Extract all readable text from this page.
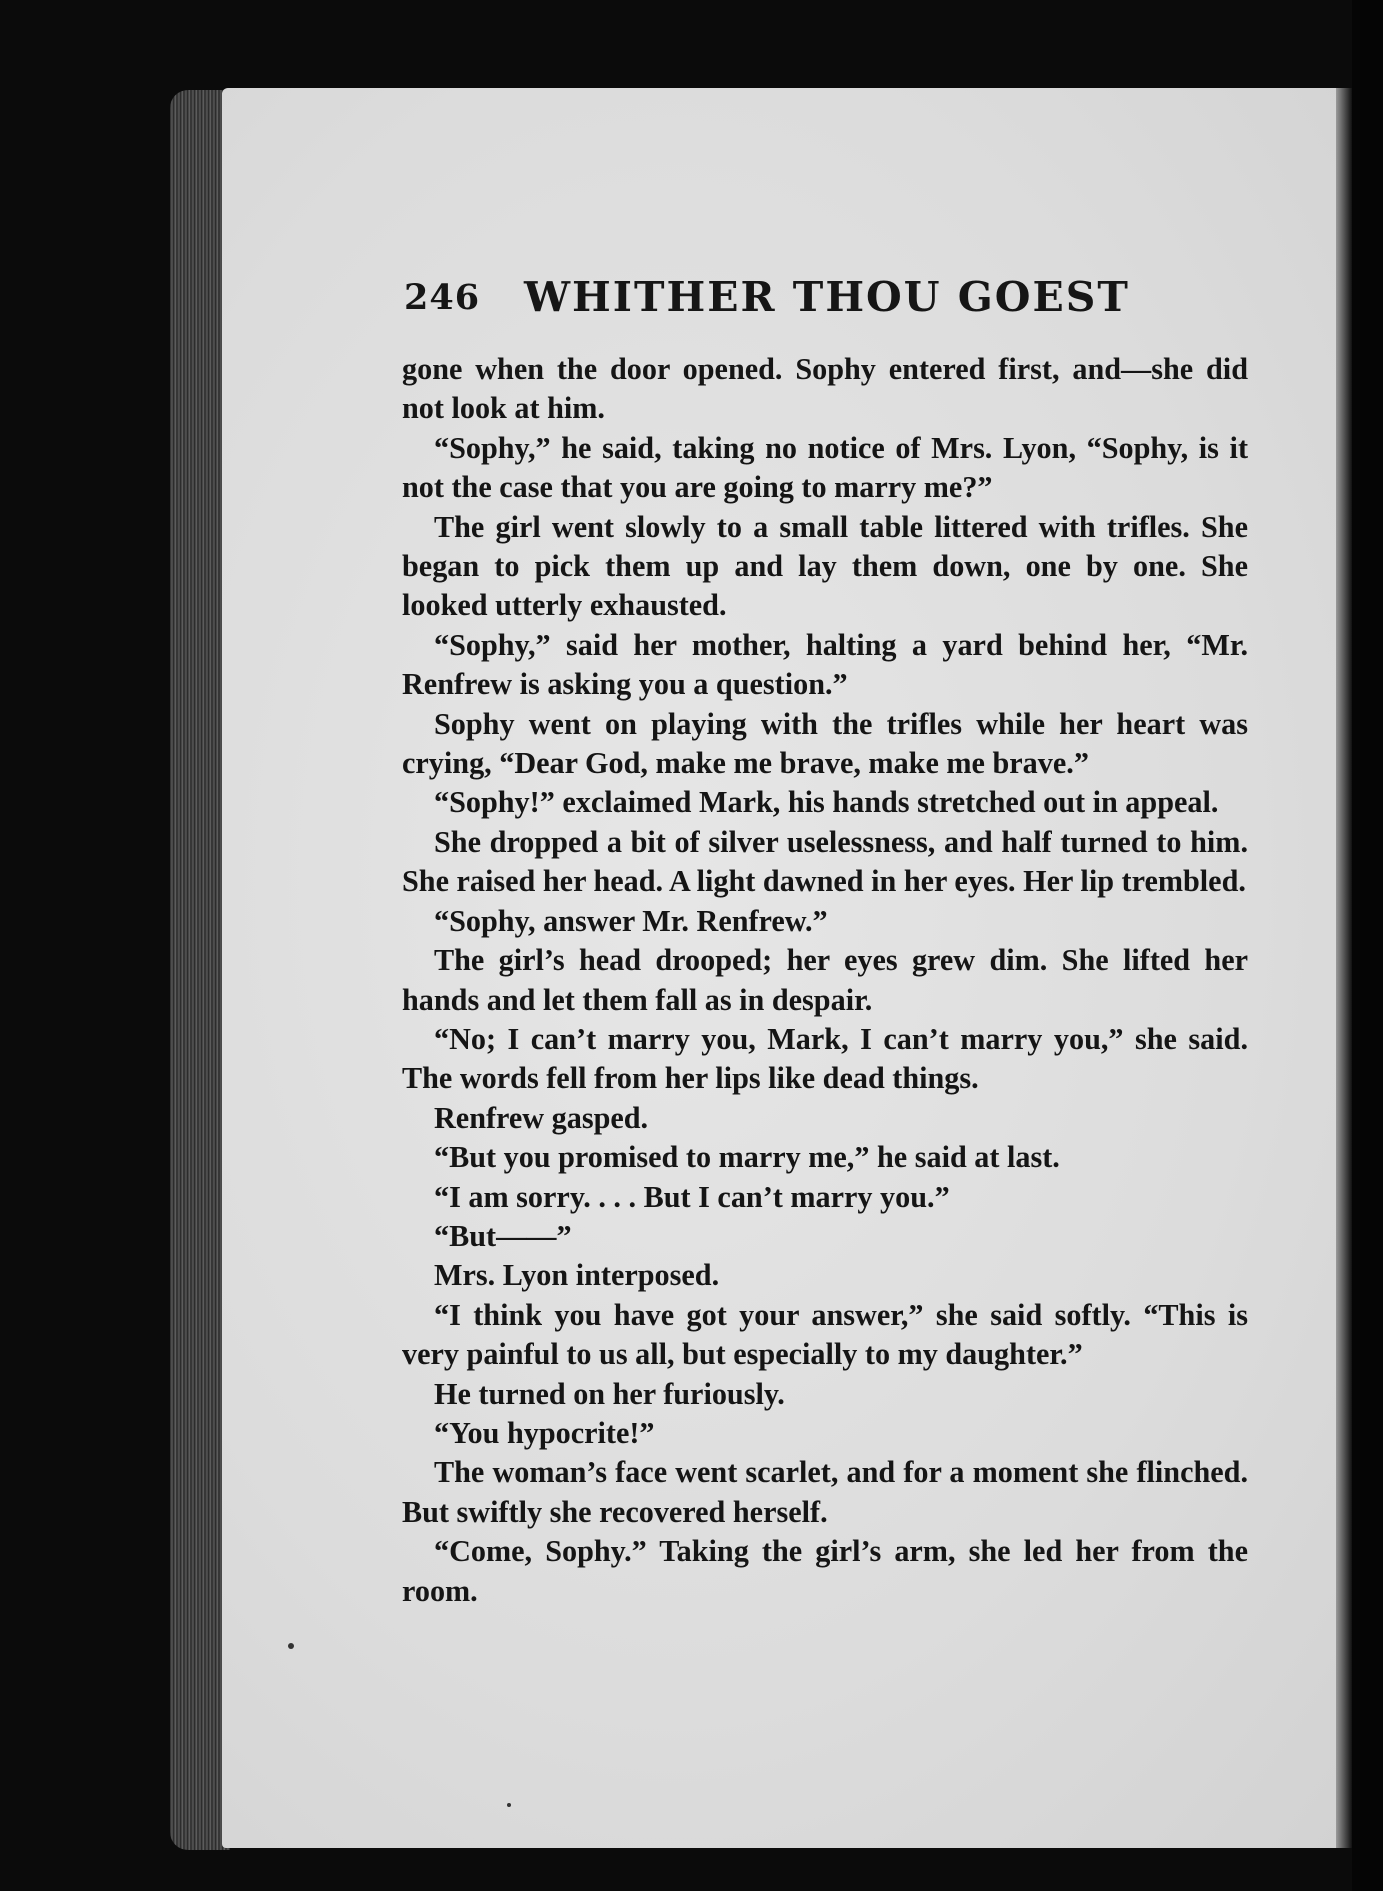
246 WHITHER THOU GOEST

gone when the door opened. Sophy entered first, and—she did not look at him.

“Sophy,” he said, taking no notice of Mrs. Lyon, “Sophy, is it not the case that you are going to marry me?”

The girl went slowly to a small table littered with trifles. She began to pick them up and lay them down, one by one. She looked utterly exhausted.

“Sophy,” said her mother, halting a yard behind her, “Mr. Renfrew is asking you a question.”

Sophy went on playing with the trifles while her heart was crying, “Dear God, make me brave, make me brave.”

“Sophy!” exclaimed Mark, his hands stretched out in appeal.

She dropped a bit of silver uselessness, and half turned to him. She raised her head. A light dawned in her eyes. Her lip trembled.

“Sophy, answer Mr. Renfrew.”

The girl’s head drooped; her eyes grew dim. She lifted her hands and let them fall as in despair.

“No; I can’t marry you, Mark, I can’t marry you,” she said. The words fell from her lips like dead things.

Renfrew gasped.

“But you promised to marry me,” he said at last.

“I am sorry. . . . But I can’t marry you.”

“But——”

Mrs. Lyon interposed.

“I think you have got your answer,” she said softly. “This is very painful to us all, but especially to my daughter.”

He turned on her furiously.

“You hypocrite!”

The woman’s face went scarlet, and for a moment she flinched. But swiftly she recovered herself.

“Come, Sophy.” Taking the girl’s arm, she led her from the room.
